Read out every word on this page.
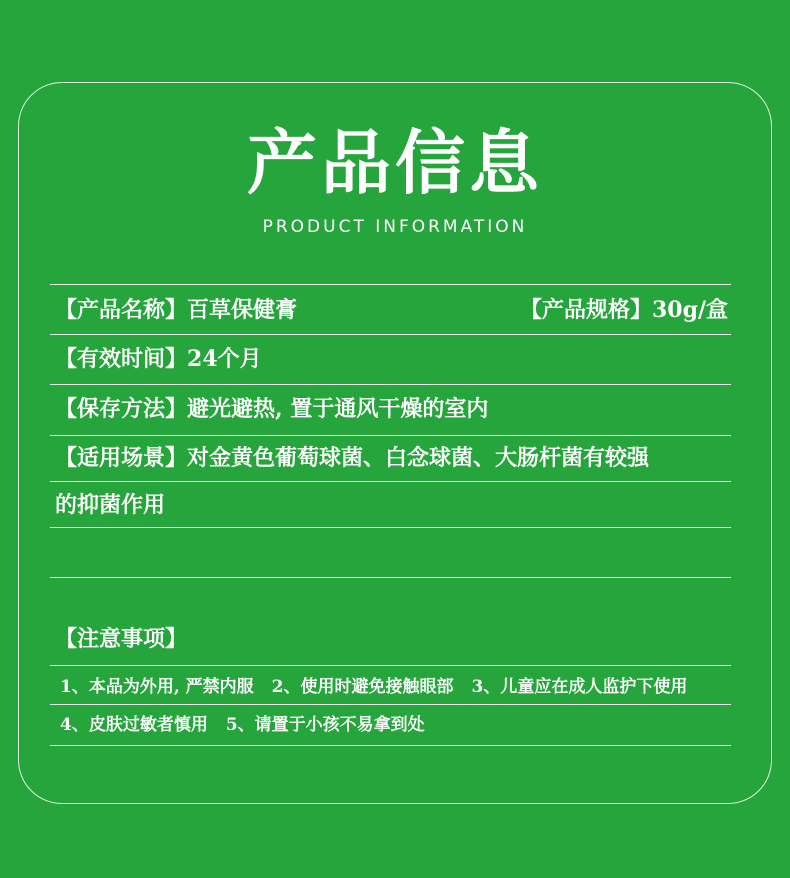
产品信息
PRODUCT INFORMATION
【产品名称】百草保健膏	【产品规格】30g/盒
【有效时间】24个月
【保存方法】避光避热, 置于通风干燥的室内
【适用场景】对金黄色葡萄球菌、白念球菌、大肠杆菌有较强
的抑菌作用
【注意事项】
1、本品为外用, 严禁内服 2、使用时避免接触眼部 3、儿童应在成人监护下使用
4、皮肤过敏者慎用 5、请置于小孩不易拿到处
